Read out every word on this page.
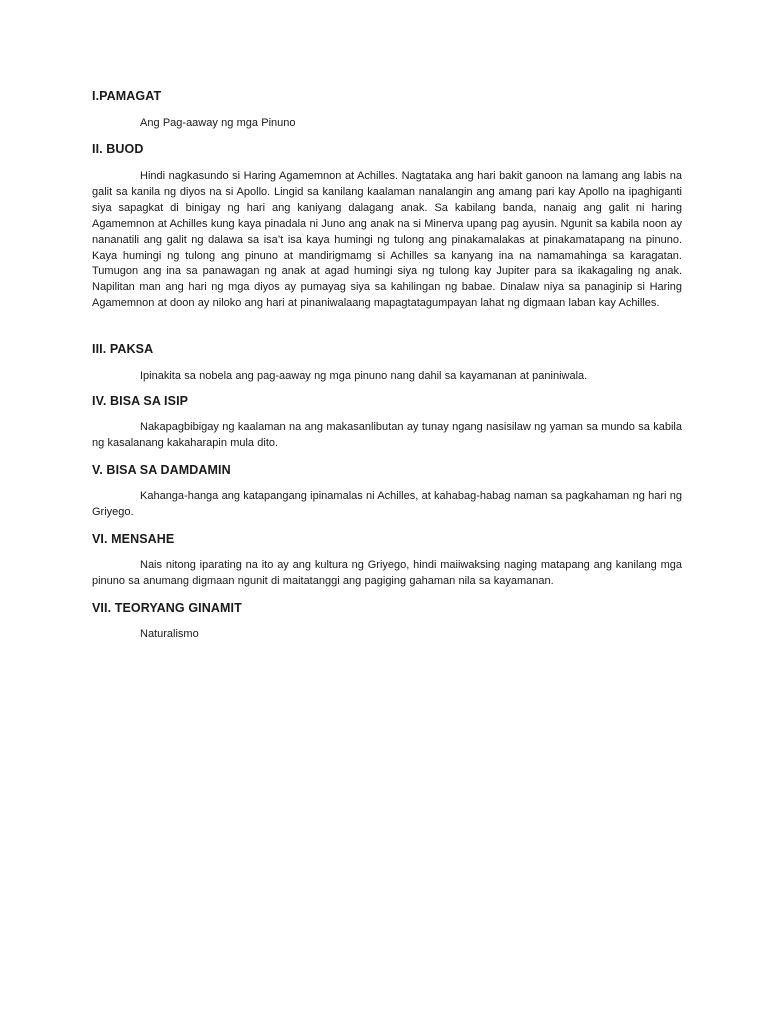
I.PAMAGAT

Ang Pag-aaway ng mga Pinuno

II. BUOD

Hindi nagkasundo si Haring Agamemnon at Achilles. Nagtataka ang hari bakit ganoon na lamang ang labis na galit sa kanila ng diyos na si Apollo. Lingid sa kanilang kaalaman nanalangin ang amang pari kay Apollo na ipaghiganti siya sapagkat di binigay ng hari ang kaniyang dalagang anak. Sa kabilang banda, nanaig ang galit ni haring Agamemnon at Achilles kung kaya pinadala ni Juno ang anak na si Minerva upang pag ayusin. Ngunit sa kabila noon ay nananatili ang galit ng dalawa sa isa’t isa kaya humingi ng tulong ang pinakamalakas at pinakamatapang na pinuno. Kaya humingi ng tulong ang pinuno at mandirigmamg si Achilles sa kanyang ina na namamahinga sa karagatan. Tumugon ang ina sa panawagan ng anak at agad humingi siya ng tulong kay Jupiter para sa ikakagaling ng anak. Napilitan man ang hari ng mga diyos ay pumayag siya sa kahilingan ng babae. Dinalaw niya sa panaginip si Haring Agamemnon at doon ay niloko ang hari at pinaniwalaang mapagtatagumpayan lahat ng digmaan laban kay Achilles.

III. PAKSA

Ipinakita sa nobela ang pag-aaway ng mga pinuno nang dahil sa kayamanan at paniniwala.

IV. BISA SA ISIP

Nakapagbibigay ng kaalaman na ang makasanlibutan ay tunay ngang nasisilaw ng yaman sa mundo sa kabila ng kasalanang kakaharapin mula dito.

V. BISA SA DAMDAMIN

Kahanga-hanga ang katapangang ipinamalas ni Achilles, at kahabag-habag naman sa pagkahaman ng hari ng Griyego.

VI. MENSAHE

Nais nitong iparating na ito ay ang kultura ng Griyego, hindi maiiwaksing naging matapang ang kanilang mga pinuno sa anumang digmaan ngunit di maitatanggi ang pagiging gahaman nila sa kayamanan.

VII. TEORYANG GINAMIT

Naturalismo
